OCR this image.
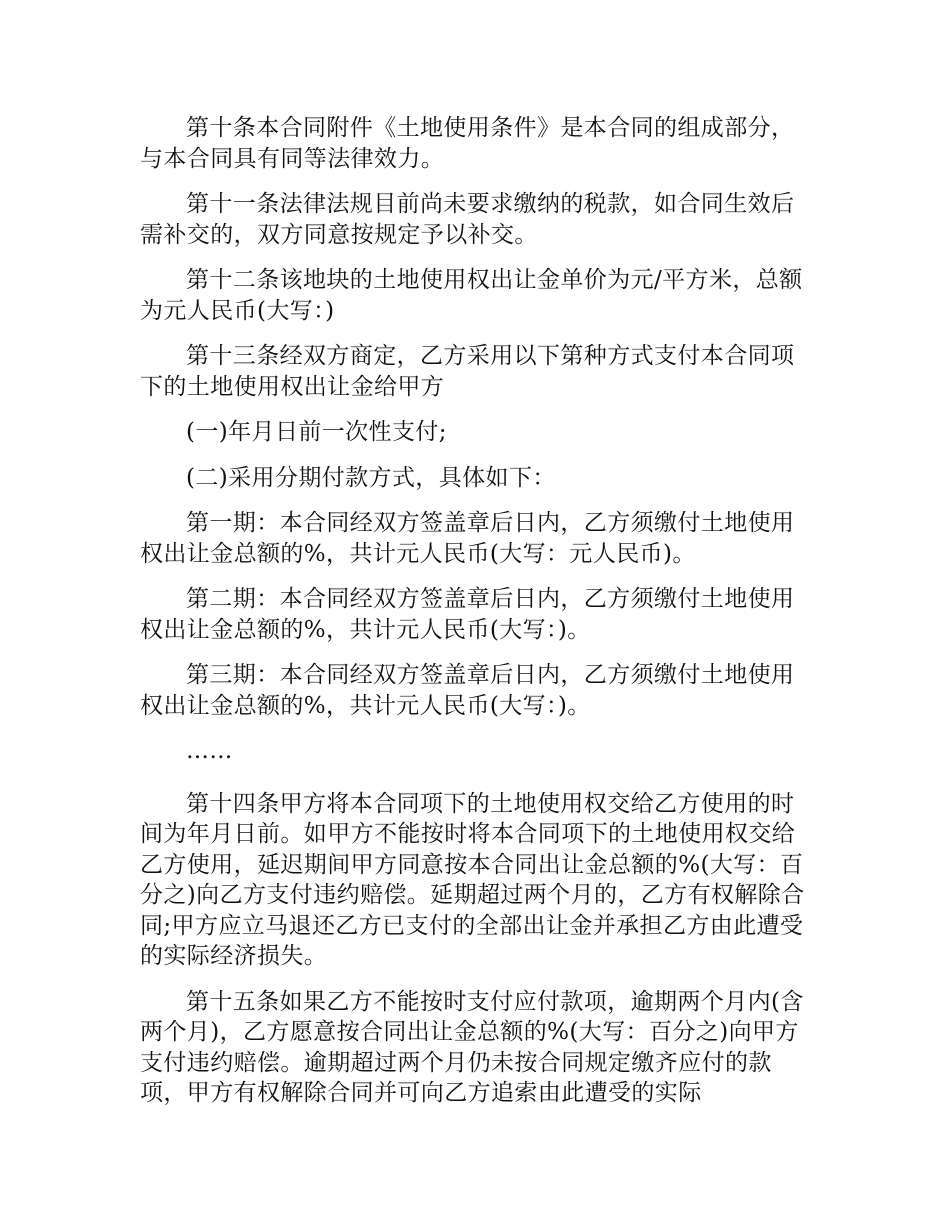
第十条本合同附件《土地使用条件》是本合同的组成部分，与本合同具有同等法律效力。

第十一条法律法规目前尚未要求缴纳的税款，如合同生效后需补交的，双方同意按规定予以补交。

第十二条该地块的土地使用权出让金单价为元/平方米，总额为元人民币(大写：)

第十三条经双方商定，乙方采用以下第种方式支付本合同项下的土地使用权出让金给甲方

(一)年月日前一次性支付;

(二)采用分期付款方式，具体如下：

第一期：本合同经双方签盖章后日内，乙方须缴付土地使用权出让金总额的%，共计元人民币(大写：元人民币)。

第二期：本合同经双方签盖章后日内，乙方须缴付土地使用权出让金总额的%，共计元人民币(大写：)。

第三期：本合同经双方签盖章后日内，乙方须缴付土地使用权出让金总额的%，共计元人民币(大写：)。

……

第十四条甲方将本合同项下的土地使用权交给乙方使用的时间为年月日前。如甲方不能按时将本合同项下的土地使用权交给乙方使用，延迟期间甲方同意按本合同出让金总额的%(大写：百分之)向乙方支付违约赔偿。延期超过两个月的，乙方有权解除合同;甲方应立马退还乙方已支付的全部出让金并承担乙方由此遭受的实际经济损失。

第十五条如果乙方不能按时支付应付款项，逾期两个月内(含两个月)，乙方愿意按合同出让金总额的%(大写：百分之)向甲方支付违约赔偿。逾期超过两个月仍未按合同规定缴齐应付的款项，甲方有权解除合同并可向乙方追索由此遭受的实际
